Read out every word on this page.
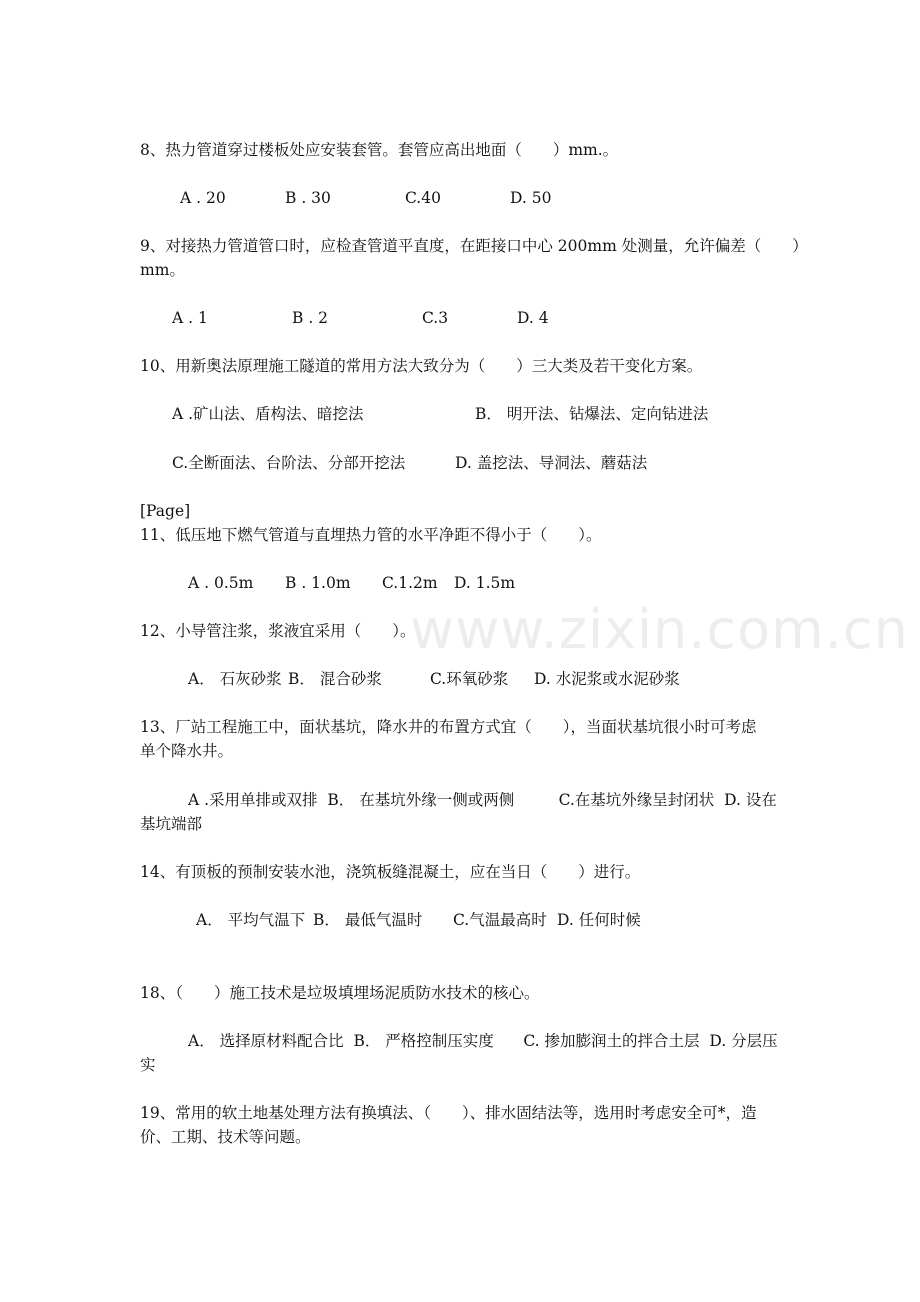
www.zixin.com.cn
8、热力管道穿过楼板处应安装套管。套管应高出地面（　　）mm.。
A . 20	B . 30	C.40	D. 50
9、对接热力管道管口时，应检查管道平直度，在距接口中心 200mm 处测量，允许偏差（　　）
mm。
A . 1	B . 2	C.3	D. 4
10、用新奥法原理施工隧道的常用方法大致分为（　　）三大类及若干变化方案。
A .矿山法、盾构法、暗挖法	B． 明开法、钻爆法、定向钻进法
C.全断面法、台阶法、分部开挖法	D. 盖挖法、导洞法、蘑菇法
[Page]
11、低压地下燃气管道与直埋热力管的水平净距不得小于（　　）。
A . 0.5m B . 1.0m C.1.2m D. 1.5m
12、小导管注浆，浆液宜采用（　　）。
A． 石灰砂浆 B． 混合砂浆	C.环氧砂浆 D. 水泥浆或水泥砂浆
13、厂站工程施工中，面状基坑，降水井的布置方式宜（　　），当面状基坑很小时可考虑
单个降水井。
A .采用单排或双排  B． 在基坑外缘一侧或两侧         C.在基坑外缘呈封闭状  D. 设在
基坑端部
14、有顶板的预制安装水池，浇筑板缝混凝土，应在当日（　　）进行。
A． 平均气温下 B． 最低气温时 C.气温最高时 D. 任何时候
18、（　　）施工技术是垃圾填埋场泥质防水技术的核心。
A． 选择原材料配合比  B． 严格控制压实度      C. 掺加膨润土的拌合土层  D. 分层压
实
19、常用的软土地基处理方法有换填法、（　　）、排水固结法等，选用时考虑安全可*，造
价、工期、技术等问题。
